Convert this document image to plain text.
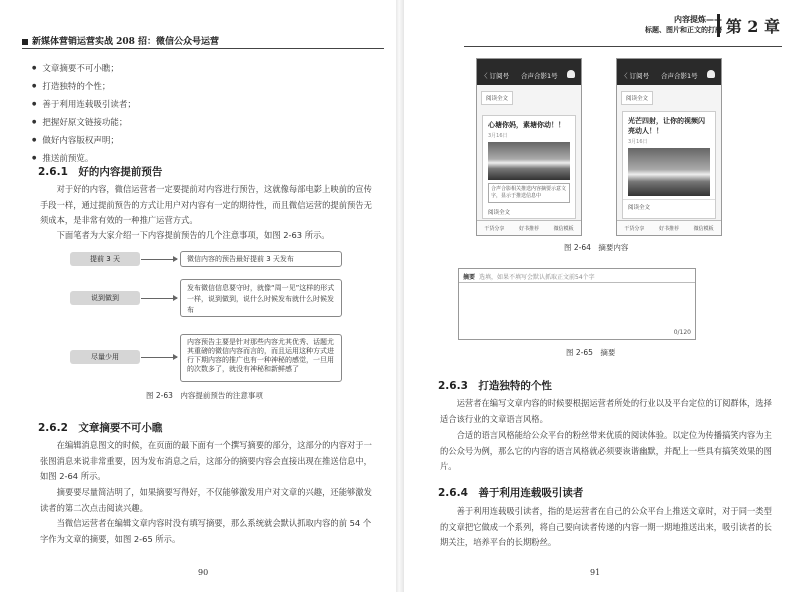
新媒体营销运营实战 208 招：微信公众号运营
● 文章摘要不可小瞧；
● 打造独特的个性；
● 善于利用连载吸引读者；
● 把握好原文链接功能；
● 做好内容版权声明；
● 推送前预览。
2.6.1　好的内容提前预告
对于好的内容，微信运营者一定要提前对内容进行预告，这就像每部电影上映前的宣传手段一样，通过提前预告的方式让用户对内容有一定的期待性，而且微信运营的提前预告无须成本，是非常有效的一种推广运营方式。
下面笔者为大家介绍一下内容提前预告的几个注意事项，如图 2-63 所示。
提前 3 天	微信内容的预告最好提前 3 天发布
说到做到
发布微信信息要守时，就像“周一见”这样的形式一样，说到做到，说什么时候发布就什么时候发布
尽量少用
内容预告主要是针对那些内容尤其优秀、话题尤其重磅的微信内容而言的，而且运用这种方式进行下期内容的推广也有一种神秘的感觉，一旦用的次数多了，就没有神秘和新鲜感了
图 2-63　内容提前预告的注意事项
2.6.2　文章摘要不可小瞧
在编辑消息图文的时候，在页面的最下面有一个撰写摘要的部分，这部分的内容对于一张图消息来说非常重要，因为发布消息之后，这部分的摘要内容会直接出现在推送信息中，如图 2-64 所示。
摘要要尽量简洁明了，如果摘要写得好，不仅能够激发用户对文章的兴趣，还能够激发读者的第二次点击阅读兴趣。
当微信运营者在编辑文章内容时没有填写摘要，那么系统就会默认抓取内容的前 54 个字作为文章的摘要，如图 2-65 所示。
90
内容提炼——
标题、图片和正文的打磨 第 2 章
〈 订阅号 合声合影1号
阅读全文
心塘你妈，素塘你动！！
3月16日
合声合影相关推送内容摘要示意文字，显示于推送信息中
阅读全文
干货分享	好书推荐	微信模板
〈 订阅号 合声合影1号
阅读全文
光芒四射，让你的视频闪亮动人！！
3月16日
阅读全文
干货分享	好书推荐	微信模板
图 2-64　摘要内容
摘要 选填，如果不填写会默认抓取正文前54个字
0/120
图 2-65　摘要
2.6.3　打造独特的个性
运营者在编写文章内容的时候要根据运营者所处的行业以及平台定位的订阅群体，选择适合该行业的文章语言风格。
合适的语言风格能给公众平台的粉丝带来优质的阅读体验。以定位为传播搞笑内容为主的公众号为例，那么它的内容的语言风格就必须要诙谐幽默，并配上一些具有搞笑效果的图片。
2.6.4　善于利用连载吸引读者
善于利用连载吸引读者，指的是运营者在自己的公众平台上推送文章时，对于同一类型的文章把它做成一个系列，将自己要向读者传递的内容一期一期地推送出来，吸引读者的长期关注，培养平台的长期粉丝。
91
